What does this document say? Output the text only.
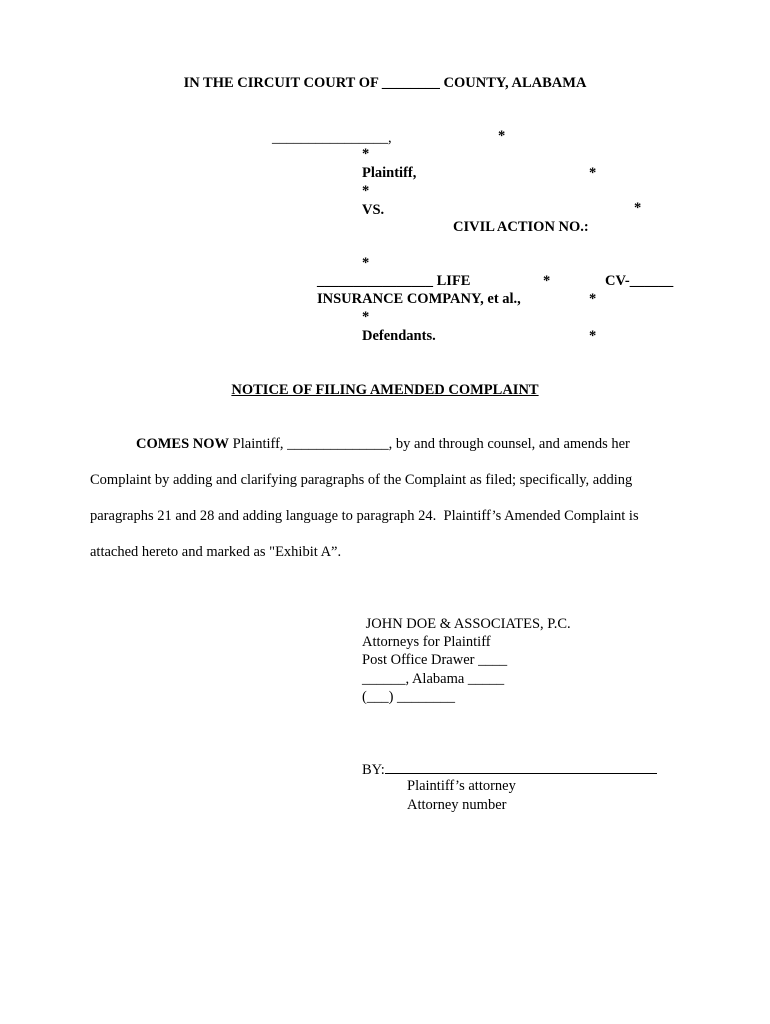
IN THE CIRCUIT COURT OF ________ COUNTY, ALABAMA
________________,	*
*
Plaintiff,	*
*
VS.	*
CIVIL ACTION NO.:
*
________________ LIFE	*	CV-______
INSURANCE COMPANY, et al.,	*
*
Defendants.	*
NOTICE OF FILING AMENDED COMPLAINT
COMES NOW Plaintiff, ______________, by and through counsel, and amends her
Complaint by adding and clarifying paragraphs of the Complaint as filed; specifically, adding
paragraphs 21 and 28 and adding language to paragraph 24.  Plaintiff’s Amended Complaint is
attached hereto and marked as "Exhibit A”.
JOHN DOE & ASSOCIATES, P.C.
Attorneys for Plaintiff
Post Office Drawer ____
______, Alabama _____
(___) ________
BY:
Plaintiff’s attorney
Attorney number
